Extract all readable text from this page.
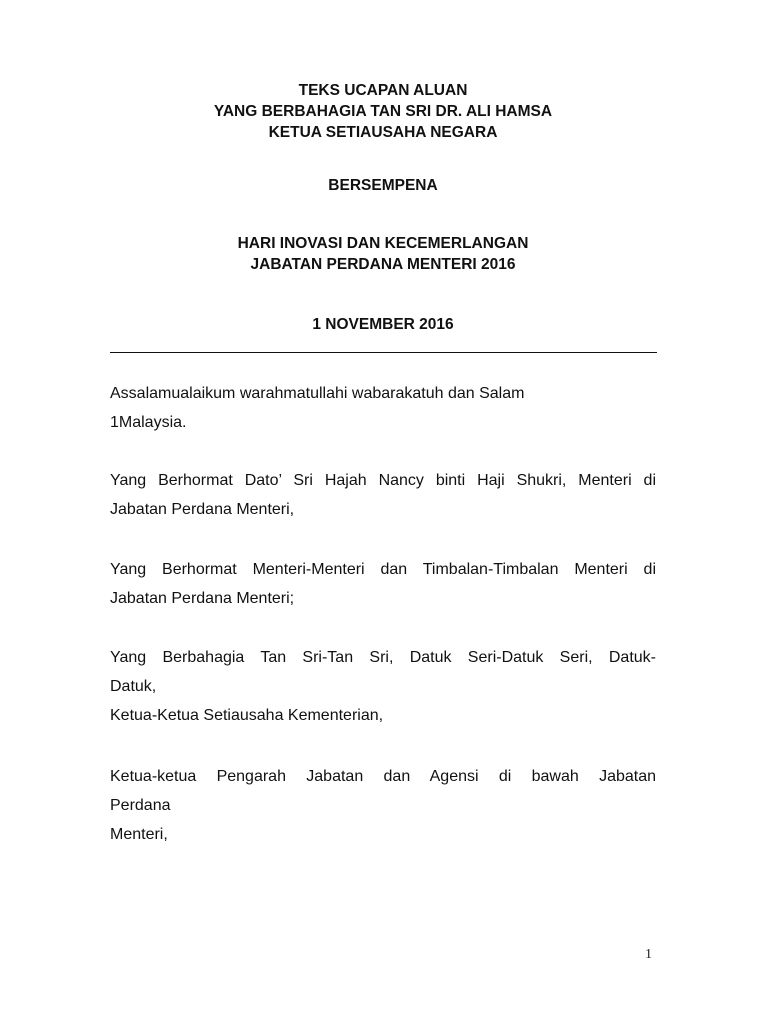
TEKS UCAPAN ALUAN
YANG BERBAHAGIA TAN SRI DR. ALI HAMSA
KETUA SETIAUSAHA NEGARA
BERSEMPENA
HARI INOVASI DAN KECEMERLANGAN
JABATAN PERDANA MENTERI 2016
1 NOVEMBER 2016
Assalamualaikum warahmatullahi wabarakatuh dan Salam
1Malaysia.
Yang Berhormat Dato’ Sri Hajah Nancy binti Haji Shukri, Menteri di
Jabatan Perdana Menteri,
Yang Berhormat Menteri-Menteri dan Timbalan-Timbalan Menteri di
Jabatan Perdana Menteri;
Yang Berbahagia Tan Sri-Tan Sri, Datuk Seri-Datuk Seri, Datuk-
Datuk,
Ketua-Ketua Setiausaha Kementerian,
Ketua-ketua Pengarah Jabatan dan Agensi di bawah Jabatan
Perdana
Menteri,
1
